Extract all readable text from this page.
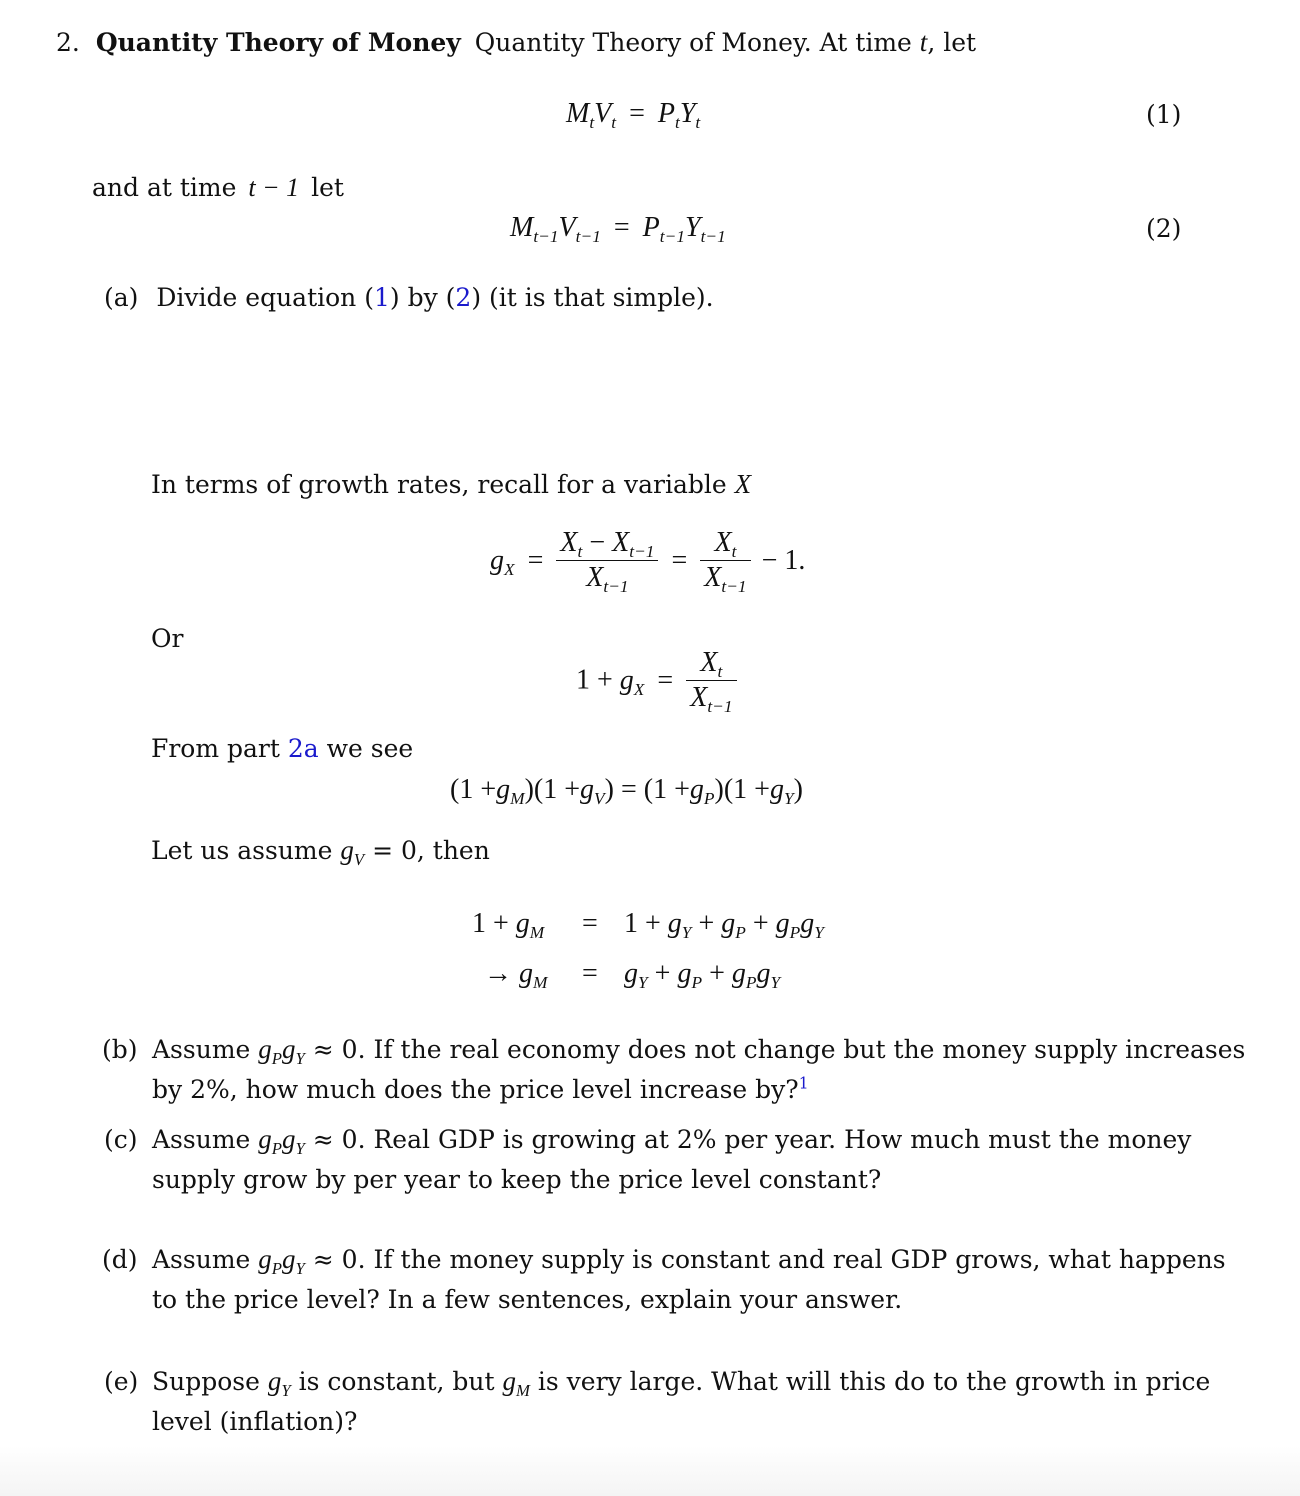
2. Quantity Theory of Money Quantity Theory of Money. At time t, let
$M_tV_t = P_tY_t$	(1)
and at time t − 1 let
$M_{t-1}V_{t-1} = P_{t-1}Y_{t-1}$	(2)
(a) Divide equation (1) by (2) (it is that simple).
In terms of growth rates, recall for a variable X
$g_X = \frac{X_t - X_{t-1}}{X_{t-1}} = \frac{X_t}{X_{t-1}} - 1$.
Or
$1 + g_X = \frac{X_t}{X_{t-1}}$
From part 2a we see
$(1 +g_M)(1 +g_V) = (1 +g_P)(1 +g_Y)$
Let us assume $g_V = 0$, then
$1 + g_M = 1 + g_Y + g_P + g_Pg_Y$
→ $g_M = g_Y + g_P + g_Pg_Y$
(b) Assume $g_Pg_Y \approx 0$. If the real economy does not change but the money supply increases
by 2%, how much does the price level increase by?$^1$
(c) Assume $g_Pg_Y \approx 0$. Real GDP is growing at 2% per year. How much must the money
supply grow by per year to keep the price level constant?
(d) Assume $g_Pg_Y \approx 0$. If the money supply is constant and real GDP grows, what happens
to the price level? In a few sentences, explain your answer.
(e) Suppose $g_Y$ is constant, but $g_M$ is very large. What will this do to the growth in price
level (inflation)?
